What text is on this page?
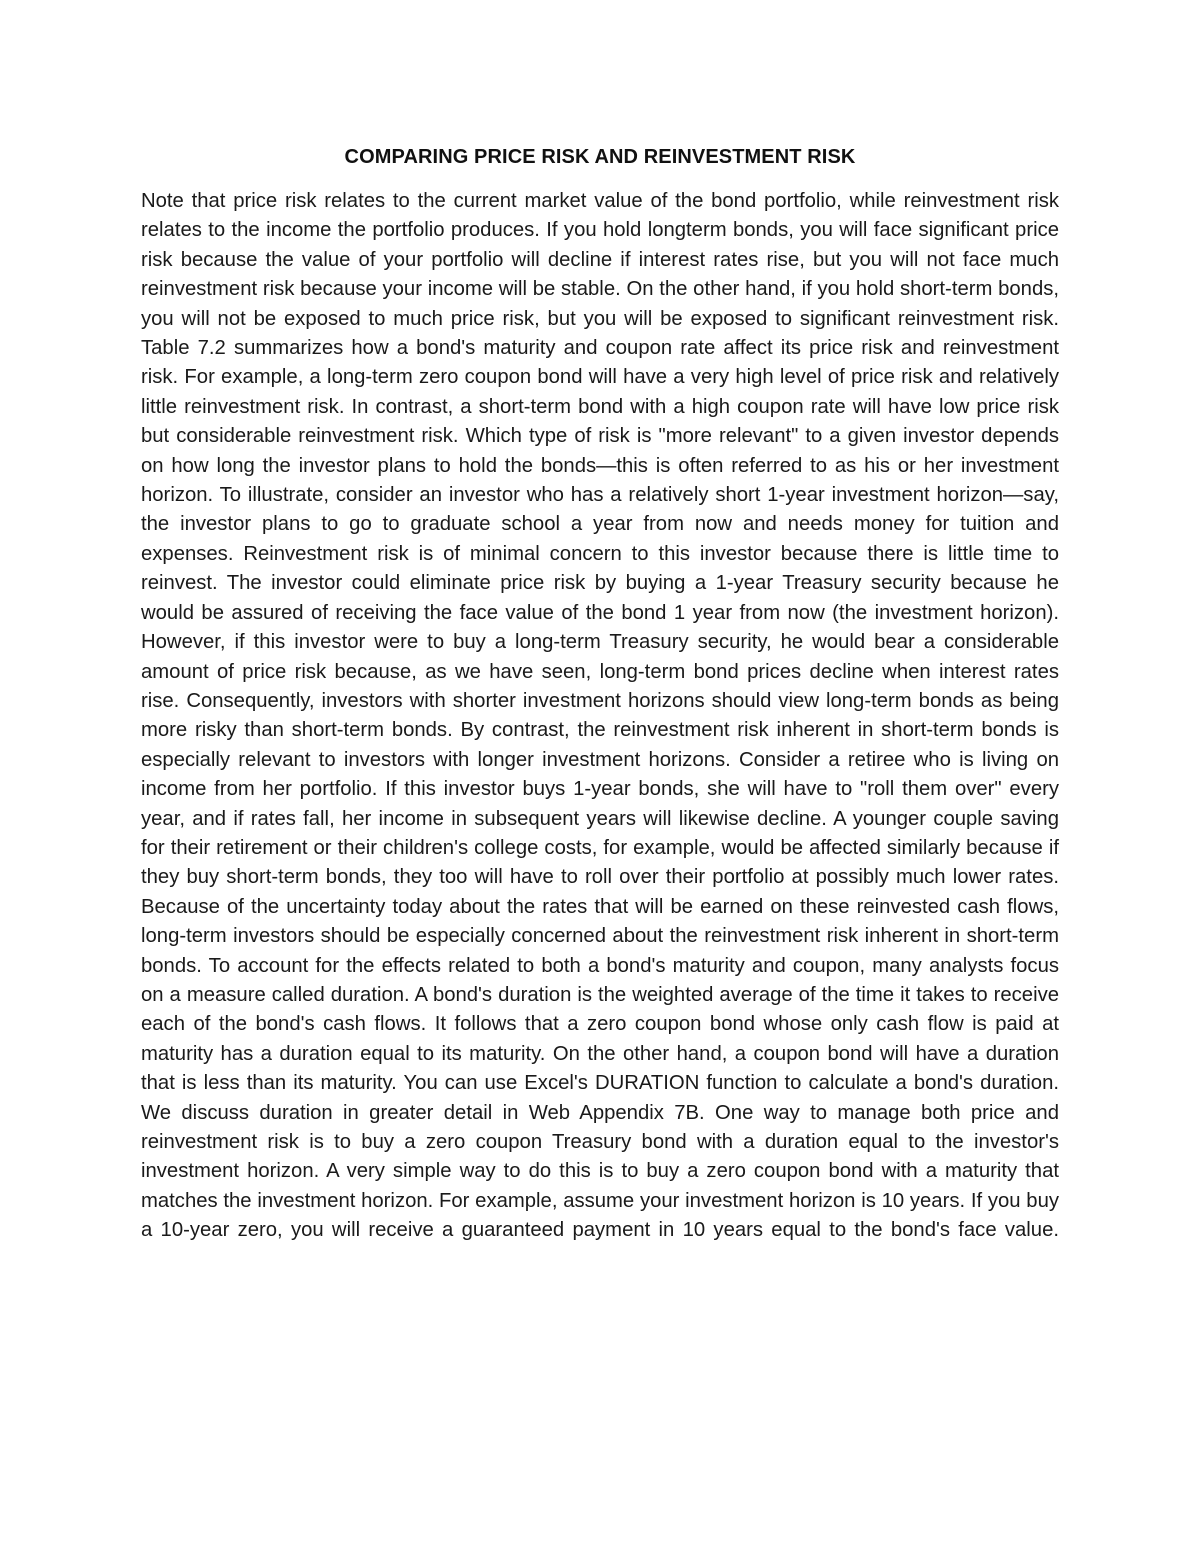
COMPARING PRICE RISK AND REINVESTMENT RISK

Note that price risk relates to the current market value of the bond portfolio, while reinvestment risk relates to the income the portfolio produces. If you hold longterm bonds, you will face significant price risk because the value of your portfolio will decline if interest rates rise, but you will not face much reinvestment risk because your income will be stable. On the other hand, if you hold short-term bonds, you will not be exposed to much price risk, but you will be exposed to significant reinvestment risk. Table 7.2 summarizes how a bond's maturity and coupon rate affect its price risk and reinvestment risk. For example, a long-term zero coupon bond will have a very high level of price risk and relatively little reinvestment risk. In contrast, a short-term bond with a high coupon rate will have low price risk but considerable reinvestment risk. Which type of risk is "more relevant" to a given investor depends on how long the investor plans to hold the bonds—this is often referred to as his or her investment horizon. To illustrate, consider an investor who has a relatively short 1-year investment horizon—say, the investor plans to go to graduate school a year from now and needs money for tuition and expenses. Reinvestment risk is of minimal concern to this investor because there is little time to reinvest. The investor could eliminate price risk by buying a 1-year Treasury security because he would be assured of receiving the face value of the bond 1 year from now (the investment horizon). However, if this investor were to buy a long-term Treasury security, he would bear a considerable amount of price risk because, as we have seen, long-term bond prices decline when interest rates rise. Consequently, investors with shorter investment horizons should view long-term bonds as being more risky than short-term bonds. By contrast, the reinvestment risk inherent in short-term bonds is especially relevant to investors with longer investment horizons. Consider a retiree who is living on income from her portfolio. If this investor buys 1-year bonds, she will have to "roll them over" every year, and if rates fall, her income in subsequent years will likewise decline. A younger couple saving for their retirement or their children's college costs, for example, would be affected similarly because if they buy short-term bonds, they too will have to roll over their portfolio at possibly much lower rates. Because of the uncertainty today about the rates that will be earned on these reinvested cash flows, long-term investors should be especially concerned about the reinvestment risk inherent in short-term bonds. To account for the effects related to both a bond's maturity and coupon, many analysts focus on a measure called duration. A bond's duration is the weighted average of the time it takes to receive each of the bond's cash flows. It follows that a zero coupon bond whose only cash flow is paid at maturity has a duration equal to its maturity. On the other hand, a coupon bond will have a duration that is less than its maturity. You can use Excel's DURATION function to calculate a bond's duration. We discuss duration in greater detail in Web Appendix 7B. One way to manage both price and reinvestment risk is to buy a zero coupon Treasury bond with a duration equal to the investor's investment horizon. A very simple way to do this is to buy a zero coupon bond with a maturity that matches the investment horizon. For example, assume your investment horizon is 10 years. If you buy a 10-year zero, you will receive a guaranteed payment in 10 years equal to the bond's face value.
